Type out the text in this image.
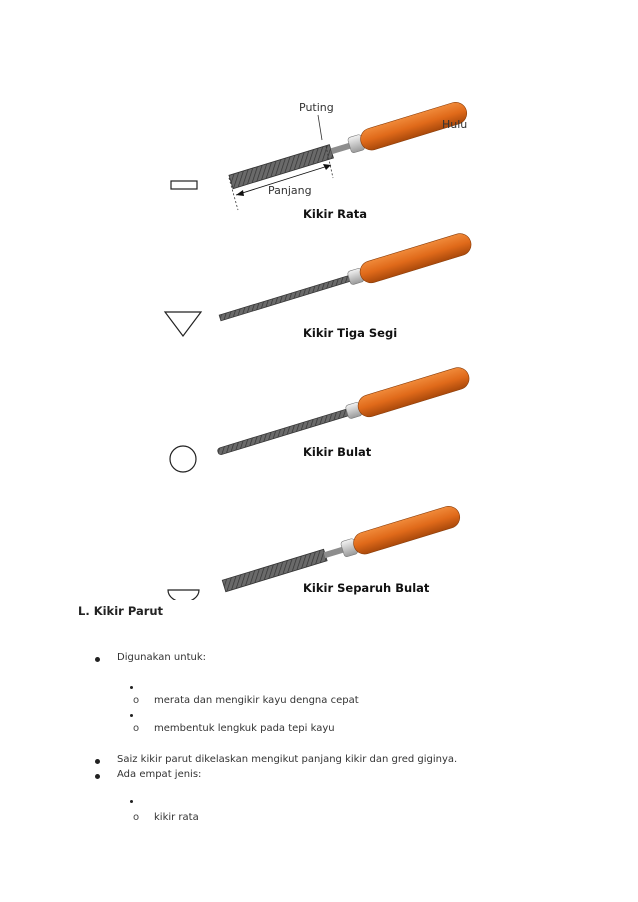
Puting
Hulu
Panjang
Kikir Rata
Kikir Tiga Segi
Kikir Bulat
Kikir Separuh Bulat
L. Kikir Parut
Digunakan untuk:
o merata dan mengikir kayu dengna cepat
o membentuk lengkuk pada tepi kayu
Saiz kikir parut dikelaskan mengikut panjang kikir dan gred giginya.
Ada empat jenis:
o kikir rata
